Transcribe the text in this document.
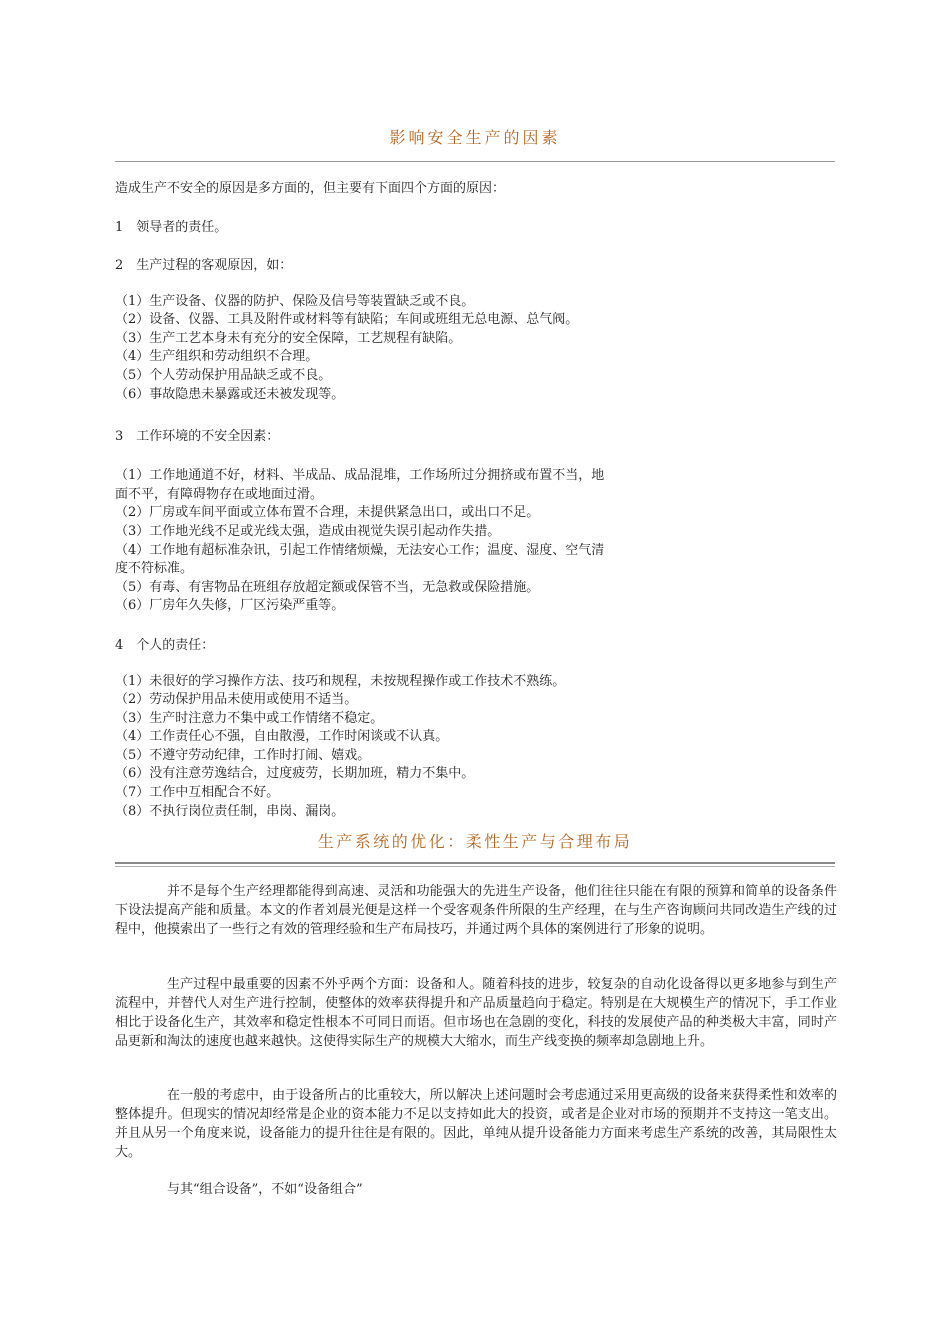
影响安全生产的因素
造成生产不安全的原因是多方面的，但主要有下面四个方面的原因：
1　领导者的责任。
2　生产过程的客观原因，如：
（1）生产设备、仪器的防护、保险及信号等装置缺乏或不良。
（2）设备、仪器、工具及附件或材料等有缺陷；车间或班组无总电源、总气阀。
（3）生产工艺本身未有充分的安全保障，工艺规程有缺陷。
（4）生产组织和劳动组织不合理。
（5）个人劳动保护用品缺乏或不良。
（6）事故隐患未暴露或还未被发现等。
3　工作环境的不安全因素：
（1）工作地通道不好，材料、半成品、成品混堆，工作场所过分拥挤或布置不当，地
面不平，有障碍物存在或地面过滑。
（2）厂房或车间平面或立体布置不合理，未提供紧急出口，或出口不足。
（3）工作地光线不足或光线太强，造成由视觉失误引起动作失措。
（4）工作地有超标准杂讯，引起工作情绪烦燥，无法安心工作；温度、湿度、空气清
度不符标准。
（5）有毒、有害物品在班组存放超定额或保管不当，无急救或保险措施。
（6）厂房年久失修，厂区污染严重等。
4　个人的责任：
（1）未很好的学习操作方法、技巧和规程，未按规程操作或工作技术不熟练。
（2）劳动保护用品未使用或使用不适当。
（3）生产时注意力不集中或工作情绪不稳定。
（4）工作责任心不强，自由散漫，工作时闲谈或不认真。
（5）不遵守劳动纪律，工作时打闹、嬉戏。
（6）没有注意劳逸结合，过度疲劳，长期加班，精力不集中。
（7）工作中互相配合不好。
（8）不执行岗位责任制，串岗、漏岗。
生产系统的优化：柔性生产与合理布局
并不是每个生产经理都能得到高速、灵活和功能强大的先进生产设备，他们往往只能在有限的预算和简单的设备条件下设法提高产能和质量。本文的作者刘晨光便是这样一个受客观条件所限的生产经理，在与生产咨询顾问共同改造生产线的过程中，他摸索出了一些行之有效的管理经验和生产布局技巧，并通过两个具体的案例进行了形象的说明。
生产过程中最重要的因素不外乎两个方面：设备和人。随着科技的进步，较复杂的自动化设备得以更多地参与到生产流程中，并替代人对生产进行控制，使整体的效率获得提升和产品质量趋向于稳定。特别是在大规模生产的情况下，手工作业相比于设备化生产，其效率和稳定性根本不可同日而语。但市场也在急剧的变化，科技的发展使产品的种类极大丰富，同时产品更新和淘汰的速度也越来越快。这使得实际生产的规模大大缩水，而生产线变换的频率却急剧地上升。
在一般的考虑中，由于设备所占的比重较大，所以解决上述问题时会考虑通过采用更高级的设备来获得柔性和效率的整体提升。但现实的情况却经常是企业的资本能力不足以支持如此大的投资，或者是企业对市场的预期并不支持这一笔支出。并且从另一个角度来说，设备能力的提升往往是有限的。因此，单纯从提升设备能力方面来考虑生产系统的改善，其局限性太大。
与其“组合设备”，不如“设备组合”
